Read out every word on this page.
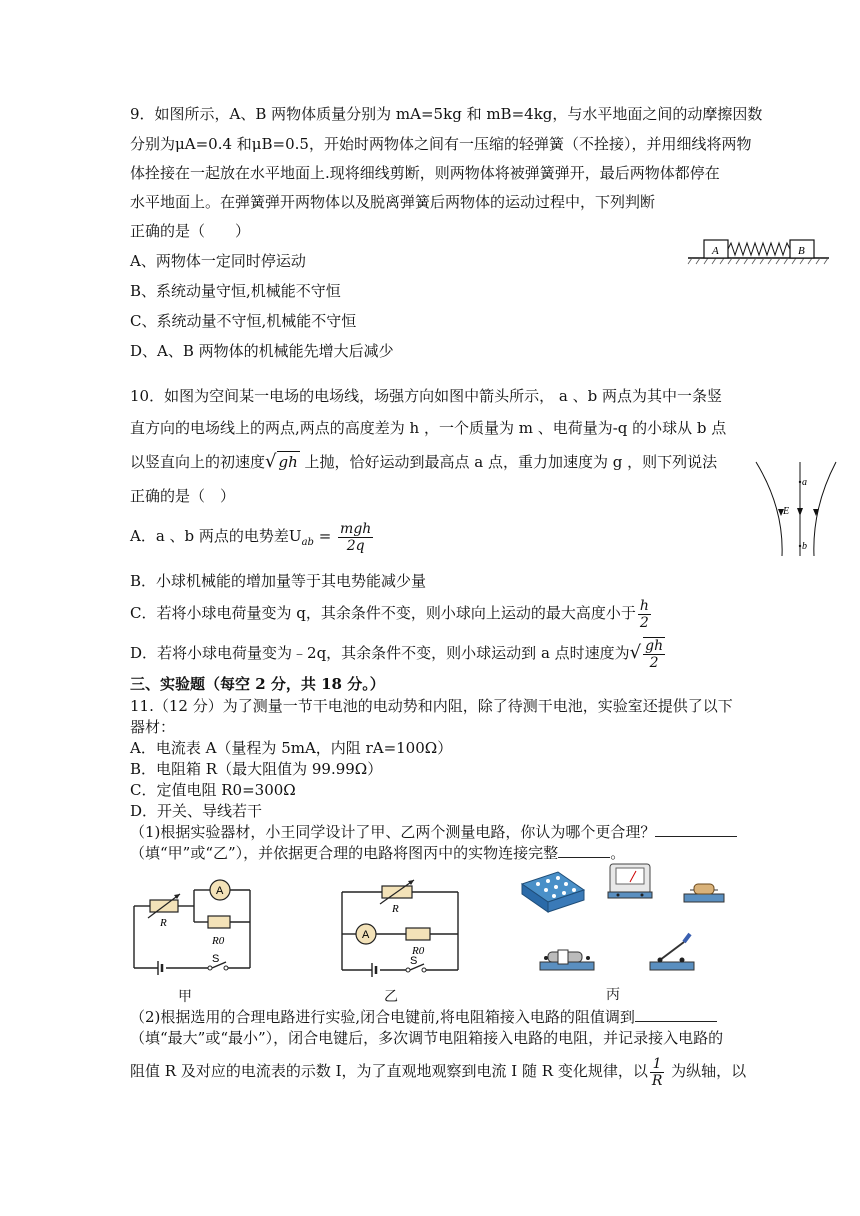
9．如图所示，A、B 两物体质量分别为 mA=5kg 和 mB=4kg，与水平地面之间的动摩擦因数
分别为μA=0.4 和μB=0.5，开始时两物体之间有一压缩的轻弹簧（不拴接），并用细线将两物
体拴接在一起放在水平地面上.现将细线剪断，则两物体将被弹簧弹开，最后两物体都停在
水平地面上。在弹簧弹开两物体以及脱离弹簧后两物体的运动过程中，下列判断
正确的是（　　）
A、两物体一定同时停运动
B、系统动量守恒,机械能不守恒
C、系统动量不守恒,机械能不守恒
D、A、B 两物体的机械能先增大后减少
A	B
10．如图为空间某一电场的电场线，场强方向如图中箭头所示， a 、b 两点为其中一条竖
直方向的电场线上的两点,两点的高度差为 h ，一个质量为 m 、电荷量为-q 的小球从 b 点
以竖直向上的初速度√ gh 上抛，恰好运动到最高点 a 点，重力加速度为 g ，则下列说法
正确的是（　）
A．a 、b 两点的电势差$U_{ab} = \frac{\text{mgh}}{2q}$
B．小球机械能的增加量等于其电势能减少量
C．若将小球电荷量变为 q，其余条件不变，则小球向上运动的最大高度小于 $\frac{h}{2}$
D．若将小球电荷量变为﹣2q，其余条件不变，则小球运动到 a 点时速度为√ $\frac{gh}{2}$
a
b
E
三、实验题（每空 2 分，共 18 分。）
11.（12 分）为了测量一节干电池的电动势和内阻，除了待测干电池，实验室还提供了以下
器材：
A．电流表 A（量程为 5mA，内阻 rA=100Ω）
B．电阻箱 R（最大阻值为 99.99Ω）
C．定值电阻 R0=300Ω
D．开关、导线若干
（1)根据实验器材，小王同学设计了甲、乙两个测量电路，你认为哪个更合理？
（填“甲”或“乙”），并依据更合理的电路将图丙中的实物连接完整	。
A
R
R0
S
A
R
R0
S
甲	乙	丙
（2)根据选用的合理电路进行实验,闭合电键前,将电阻箱接入电路的阻值调到
（填“最大”或“最小”），闭合电键后，多次调节电阻箱接入电路的电阻，并记录接入电路的
阻值 R 及对应的电流表的示数 I，为了直观地观察到电流 I 随 R 变化规律，以 $\frac{1}{R}$ 为纵轴，以
